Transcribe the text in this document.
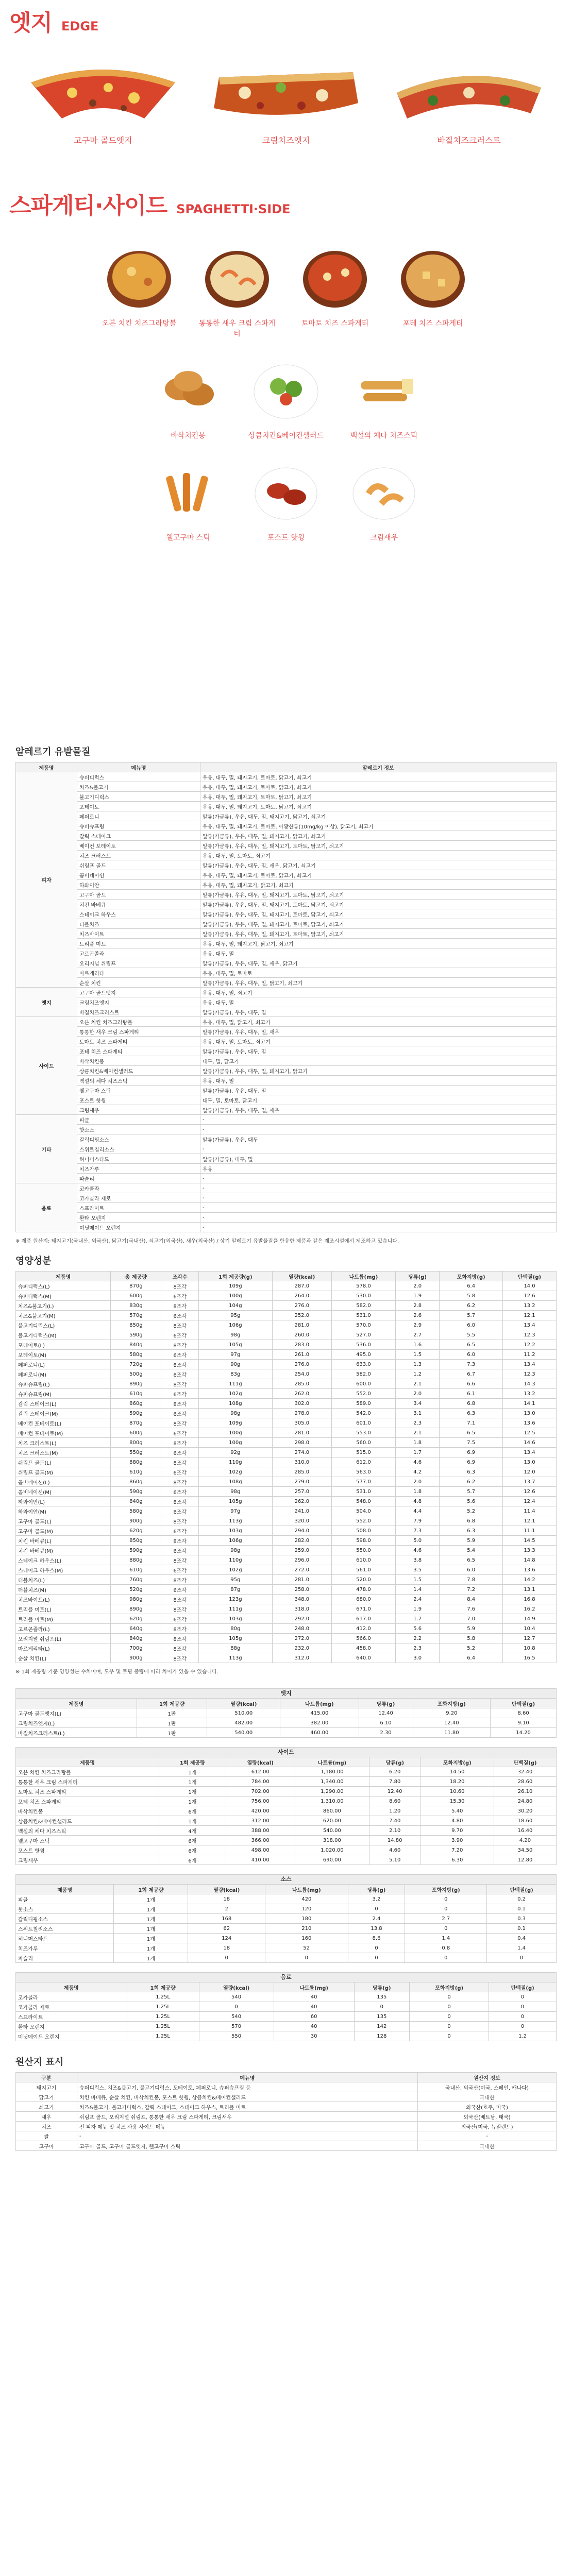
엣지 EDGE
고구마 골드엣지	크림치즈엣지	바질치즈크러스트
스파게티·사이드 SPAGHETTI·SIDE
오븐 치킨 치즈그라탕볼	통통한 새우 크림 스파게티
토마토 치즈 스파게티	포테 치즈 스파게티
바삭치킨봉	상큼치킨&베이컨샐러드	백설의 체다 치즈스틱
웰고구마 스틱	포스트 핫윙	크림새우
알레르기 유발물질
제품명	메뉴명	알레르기 정보
피자	슈퍼디럭스	우유, 대두, 밀, 돼지고기, 토마토, 닭고기, 쇠고기
	치즈&불고기	우유, 대두, 밀, 돼지고기, 토마토, 닭고기, 쇠고기
	불고기디럭스	우유, 대두, 밀, 돼지고기, 토마토, 닭고기, 쇠고기
	포테이토	우유, 대두, 밀, 돼지고기, 토마토, 닭고기, 쇠고기
	페퍼로니	알류(가금류), 우유, 대두, 밀, 돼지고기, 닭고기, 쇠고기
	슈퍼슈프림	우유, 대두, 밀, 돼지고기, 토마토, 아황산류(10mg/kg 이상), 닭고기, 쇠고기
	갈릭 스테이크	알류(가금류), 우유, 대두, 밀, 돼지고기, 닭고기, 쇠고기
	베이컨 포테이토	알류(가금류), 우유, 대두, 밀, 돼지고기, 토마토, 닭고기, 쇠고기
	치즈 크러스트	우유, 대두, 밀, 토마토, 쇠고기
	쉬림프 골드	알류(가금류), 우유, 대두, 밀, 새우, 닭고기, 쇠고기
	콤비네이션	우유, 대두, 밀, 돼지고기, 토마토, 닭고기, 쇠고기
	하와이안	우유, 대두, 밀, 돼지고기, 닭고기, 쇠고기
	고구마 골드	알류(가금류), 우유, 대두, 밀, 돼지고기, 토마토, 닭고기, 쇠고기
	치킨 바베큐	알류(가금류), 우유, 대두, 밀, 돼지고기, 토마토, 닭고기, 쇠고기
	스테이크 하우스	알류(가금류), 우유, 대두, 밀, 돼지고기, 토마토, 닭고기, 쇠고기
	더블치즈	알류(가금류), 우유, 대두, 밀, 돼지고기, 토마토, 닭고기, 쇠고기
	치즈바이트	알류(가금류), 우유, 대두, 밀, 돼지고기, 토마토, 닭고기, 쇠고기
	트리플 미트	우유, 대두, 밀, 돼지고기, 닭고기, 쇠고기
	고르곤졸라	우유, 대두, 밀
	오리지널 쉬림프	알류(가금류), 우유, 대두, 밀, 새우, 닭고기
	마르게리타	우유, 대두, 밀, 토마토
	순살 치킨	알류(가금류), 우유, 대두, 밀, 닭고기, 쇠고기
엣지	고구마 골드엣지	우유, 대두, 밀, 쇠고기
	크림치즈엣지	우유, 대두, 밀
	바질치즈크러스트	알류(가금류), 우유, 대두, 밀
사이드	오븐 치킨 치즈그라탕볼	우유, 대두, 밀, 닭고기, 쇠고기
	통통한 새우 크림 스파게티	알류(가금류), 우유, 대두, 밀, 새우
	토마토 치즈 스파게티	우유, 대두, 밀, 토마토, 쇠고기
	포테 치즈 스파게티	알류(가금류), 우유, 대두, 밀
	바삭치킨봉	대두, 밀, 닭고기
	상큼치킨&베이컨샐러드	알류(가금류), 우유, 대두, 밀, 돼지고기, 닭고기
	백설의 체다 치즈스틱	우유, 대두, 밀
	웰고구마 스틱	알류(가금류), 우유, 대두, 밀
	포스트 핫윙	대두, 밀, 토마토, 닭고기
	크림새우	알류(가금류), 우유, 대두, 밀, 새우
기타	피클	-
	핫소스	-
	갈릭디핑소스	알류(가금류), 우유, 대두
	스위트칠리소스	-
	허니머스타드	알류(가금류), 대두, 밀
	치즈가루	우유
	파슬리	-
음료	코카콜라	-
	코카콜라 제로	-
	스프라이트	-
	환타 오렌지	-
	미닛메이드 오렌지	-
※ 제품 원산지: 돼지고기(국내산, 외국산), 닭고기(국내산), 쇠고기(외국산), 새우(외국산) / 상기 알레르기 유발물질을 함유한 제품과 같은 제조시설에서 제조하고 있습니다.
영양성분
제품명	총 제공량	조각수	1회 제공량(g)	열량(kcal)	나트륨(mg)	당류(g)	포화지방(g)	단백질(g)
슈퍼디럭스(L)	870g	8조각	109g	287.0	578.0	2.0	6.4	14.0
슈퍼디럭스(M)	600g	6조각	100g	264.0	530.0	1.9	5.8	12.6
치즈&불고기(L)	830g	8조각	104g	276.0	582.0	2.8	6.2	13.2
치즈&불고기(M)	570g	6조각	95g	252.0	531.0	2.6	5.7	12.1
불고기디럭스(L)	850g	8조각	106g	281.0	570.0	2.9	6.0	13.4
불고기디럭스(M)	590g	6조각	98g	260.0	527.0	2.7	5.5	12.3
포테이토(L)	840g	8조각	105g	283.0	536.0	1.6	6.5	12.2
포테이토(M)	580g	6조각	97g	261.0	495.0	1.5	6.0	11.2
페퍼로니(L)	720g	8조각	90g	276.0	633.0	1.3	7.3	13.4
페퍼로니(M)	500g	6조각	83g	254.0	582.0	1.2	6.7	12.3
슈퍼슈프림(L)	890g	8조각	111g	285.0	600.0	2.1	6.6	14.3
슈퍼슈프림(M)	610g	6조각	102g	262.0	552.0	2.0	6.1	13.2
갈릭 스테이크(L)	860g	8조각	108g	302.0	589.0	3.4	6.8	14.1
갈릭 스테이크(M)	590g	6조각	98g	278.0	542.0	3.1	6.3	13.0
베이컨 포테이토(L)	870g	8조각	109g	305.0	601.0	2.3	7.1	13.6
베이컨 포테이토(M)	600g	6조각	100g	281.0	553.0	2.1	6.5	12.5
치즈 크러스트(L)	800g	8조각	100g	298.0	560.0	1.8	7.5	14.6
치즈 크러스트(M)	550g	6조각	92g	274.0	515.0	1.7	6.9	13.4
쉬림프 골드(L)	880g	8조각	110g	310.0	612.0	4.6	6.9	13.0
쉬림프 골드(M)	610g	6조각	102g	285.0	563.0	4.2	6.3	12.0
콤비네이션(L)	860g	8조각	108g	279.0	577.0	2.0	6.2	13.7
콤비네이션(M)	590g	6조각	98g	257.0	531.0	1.8	5.7	12.6
하와이안(L)	840g	8조각	105g	262.0	548.0	4.8	5.6	12.4
하와이안(M)	580g	6조각	97g	241.0	504.0	4.4	5.2	11.4
고구마 골드(L)	900g	8조각	113g	320.0	552.0	7.9	6.8	12.1
고구마 골드(M)	620g	6조각	103g	294.0	508.0	7.3	6.3	11.1
치킨 바베큐(L)	850g	8조각	106g	282.0	598.0	5.0	5.9	14.5
치킨 바베큐(M)	590g	6조각	98g	259.0	550.0	4.6	5.4	13.3
스테이크 하우스(L)	880g	8조각	110g	296.0	610.0	3.8	6.5	14.8
스테이크 하우스(M)	610g	6조각	102g	272.0	561.0	3.5	6.0	13.6
더블치즈(L)	760g	8조각	95g	281.0	520.0	1.5	7.8	14.2
더블치즈(M)	520g	6조각	87g	258.0	478.0	1.4	7.2	13.1
치즈바이트(L)	980g	8조각	123g	348.0	680.0	2.4	8.4	16.8
트리플 미트(L)	890g	8조각	111g	318.0	671.0	1.9	7.6	16.2
트리플 미트(M)	620g	6조각	103g	292.0	617.0	1.7	7.0	14.9
고르곤졸라(L)	640g	8조각	80g	248.0	412.0	5.6	5.9	10.4
오리지널 쉬림프(L)	840g	8조각	105g	272.0	566.0	2.2	5.8	12.7
마르게리타(L)	700g	8조각	88g	232.0	458.0	2.3	5.2	10.8
순살 치킨(L)	900g	8조각	113g	312.0	640.0	3.0	6.4	16.5
※ 1회 제공량 기준 영양성분 수치이며, 도우 및 토핑 중량에 따라 차이가 있을 수 있습니다.
엣지
제품명	1회 제공량	열량(kcal)	나트륨(mg)	당류(g)	포화지방(g)	단백질(g)
고구마 골드엣지(L)	1판	510.00	415.00	12.40	9.20	8.60
크림치즈엣지(L)	1판	482.00	382.00	6.10	12.40	9.10
바질치즈크러스트(L)	1판	540.00	460.00	2.30	11.80	14.20
사이드
제품명	1회 제공량	열량(kcal)	나트륨(mg)	당류(g)	포화지방(g)	단백질(g)
오븐 치킨 치즈그라탕볼	1개	612.00	1,180.00	6.20	14.50	32.40
통통한 새우 크림 스파게티	1개	784.00	1,340.00	7.80	18.20	28.60
토마토 치즈 스파게티	1개	702.00	1,290.00	12.40	10.60	26.10
포테 치즈 스파게티	1개	756.00	1,310.00	8.60	15.30	24.80
바삭치킨봉	6개	420.00	860.00	1.20	5.40	30.20
상큼치킨&베이컨샐러드	1개	312.00	620.00	7.40	4.80	18.60
백설의 체다 치즈스틱	4개	388.00	540.00	2.10	9.70	16.40
웰고구마 스틱	6개	366.00	318.00	14.80	3.90	4.20
포스트 핫윙	6개	498.00	1,020.00	4.60	7.20	34.50
크림새우	6개	410.00	690.00	5.10	6.30	12.80
소스
제품명	1회 제공량	열량(kcal)	나트륨(mg)	당류(g)	포화지방(g)	단백질(g)
피클	1개	18	420	3.2	0	0.2
핫소스	1개	2	120	0	0	0.1
갈릭디핑소스	1개	168	180	2.4	2.7	0.3
스위트칠리소스	1개	62	210	13.8	0	0.1
허니머스타드	1개	124	160	8.6	1.4	0.4
치즈가루	1개	18	52	0	0.8	1.4
파슬리	1개	0	0	0	0	0
음료
제품명	1회 제공량	열량(kcal)	나트륨(mg)	당류(g)	포화지방(g)	단백질(g)
코카콜라	1.25L	540	40	135	0	0
코카콜라 제로	1.25L	0	40	0	0	0
스프라이트	1.25L	540	60	135	0	0
환타 오렌지	1.25L	570	40	142	0	0
미닛메이드 오렌지	1.25L	550	30	128	0	1.2
원산지 표시
구분	메뉴명	원산지 정보
돼지고기	슈퍼디럭스, 치즈&불고기, 불고기디럭스, 포테이토, 페퍼로니, 슈퍼슈프림 등	국내산, 외국산(미국, 스페인, 캐나다)
닭고기	치킨 바베큐, 순살 치킨, 바삭치킨봉, 포스트 핫윙, 상큼치킨&베이컨샐러드	국내산
쇠고기	치즈&불고기, 불고기디럭스, 갈릭 스테이크, 스테이크 하우스, 트리플 미트	외국산(호주, 미국)
새우	쉬림프 골드, 오리지널 쉬림프, 통통한 새우 크림 스파게티, 크림새우	외국산(베트남, 태국)
치즈	전 피자 메뉴 및 치즈 사용 사이드 메뉴	외국산(미국, 뉴질랜드)
쌀	-	-
고구마	고구마 골드, 고구마 골드엣지, 웰고구마 스틱	국내산
